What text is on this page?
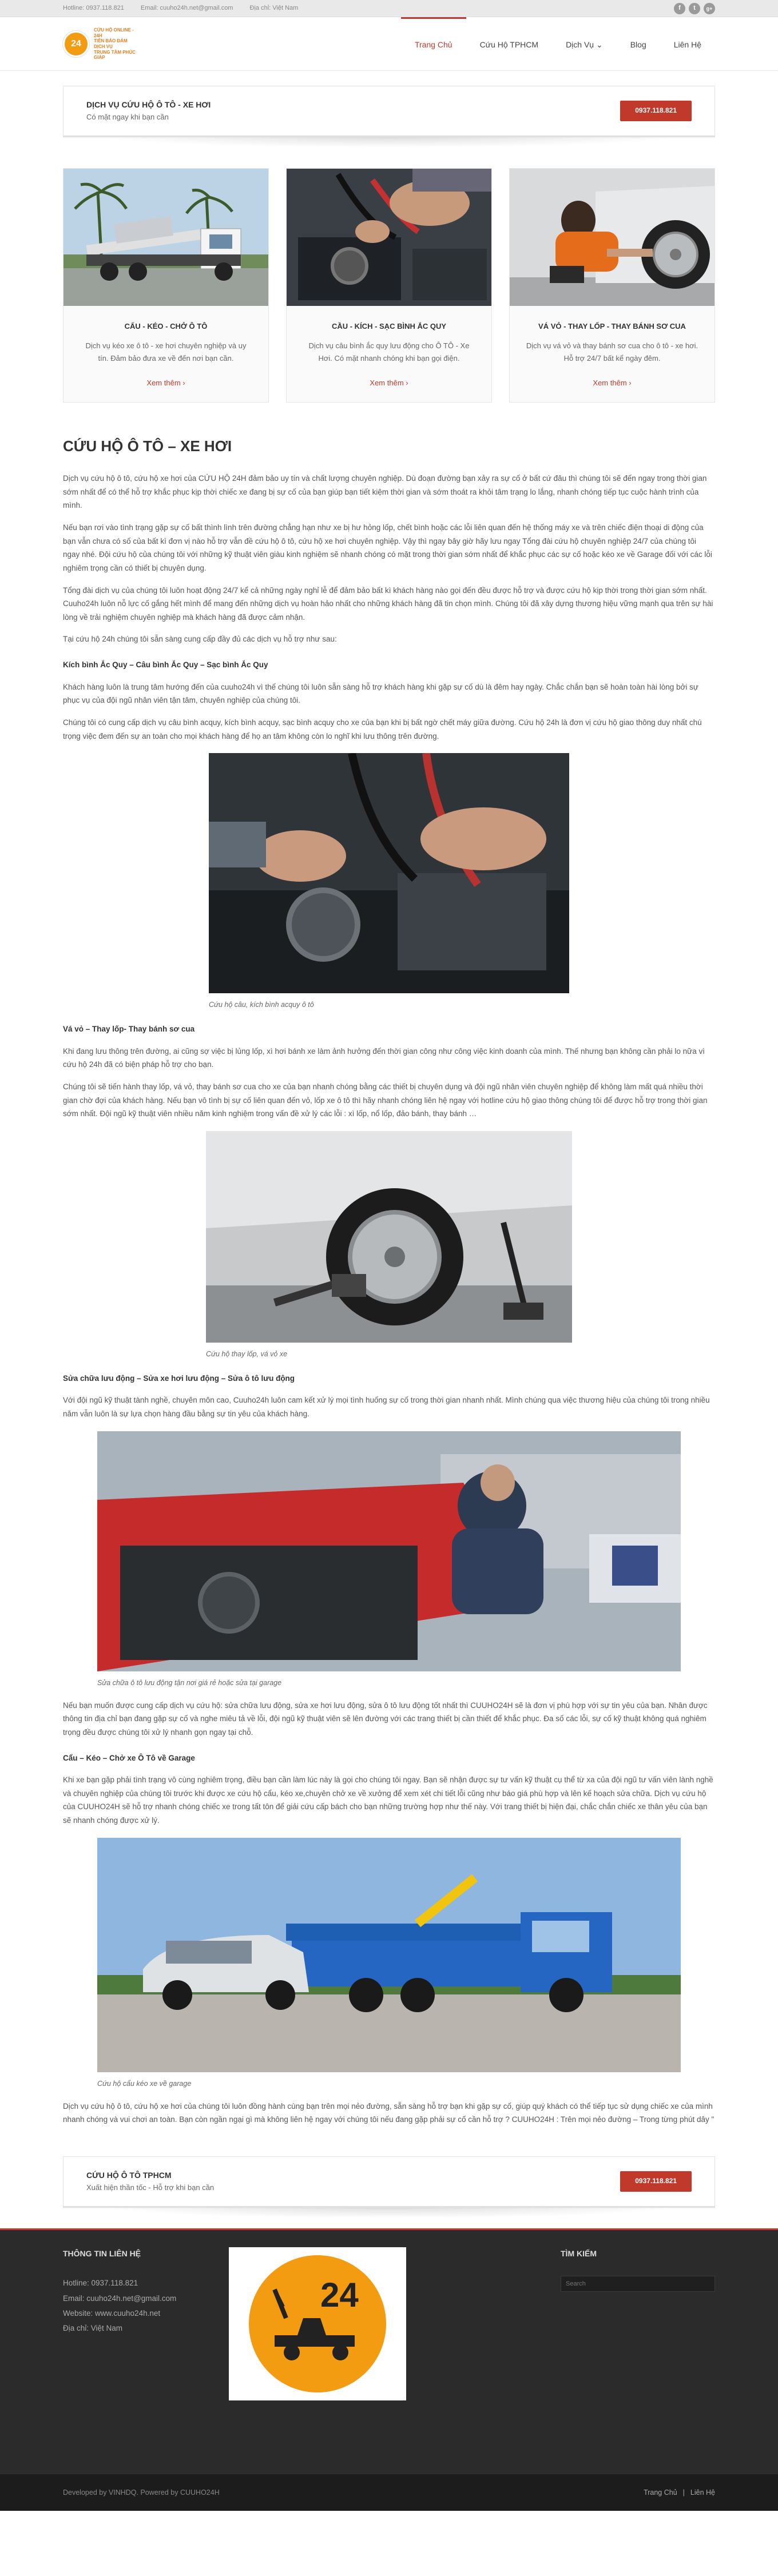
Hotline: 0937.118.821	Email: cuuho24h.net@gmail.com	Địa chỉ: Việt Nam	f	t	g+
24
CỨU HỘ ONLINE - 24H
TIÊN BẢO ĐẢM DỊCH VỤ
TRUNG TÂM PHÚC GIÁP
Trang Chủ	Cứu Hộ TPHCM	Dịch Vụ ⌄	Blog	Liên Hệ
DỊCH VỤ CỨU HỘ Ô TÔ - XE HƠI

Có mặt ngay khi bạn cần

0937.118.821
CẨU - KÉO - CHỞ Ô TÔ
Dịch vụ kéo xe ô tô - xe hơi chuyên nghiệp và uy tín. Đảm bảo đưa xe về đến nơi bạn cần.
Xem thêm ›
CẦU - KÍCH - SẠC BÌNH ẮC QUY
Dịch vụ câu bình ắc quy lưu động cho Ô TÔ - Xe Hơi. Có mặt nhanh chóng khi bạn gọi điện.
Xem thêm ›
VÁ VỎ - THAY LỐP - THAY BÁNH SƠ CUA
Dịch vụ vá vỏ và thay bánh sơ cua cho ô tô - xe hơi. Hỗ trợ 24/7 bất kể ngày đêm.
Xem thêm ›
CỨU HỘ Ô TÔ – XE HƠI

Dịch vụ cứu hộ ô tô, cứu hộ xe hơi của CỨU HỘ 24H đảm bảo uy tín và chất lượng chuyên nghiệp. Dù đoạn đường bạn xảy ra sự cố ở bất cứ đâu thì chúng tôi sẽ đến ngay trong thời gian sớm nhất để có thể hỗ trợ khắc phục kịp thời chiếc xe đang bị sự cố của bạn giúp bạn tiết kiệm thời gian và sớm thoát ra khỏi tâm trạng lo lắng, nhanh chóng tiếp tục cuộc hành trình của mình.

Nếu bạn rơi vào tình trạng gặp sự cố bất thình lình trên đường chẳng hạn như xe bị hư hỏng lốp, chết bình hoặc các lỗi liên quan đến hệ thống máy xe và trên chiếc điện thoại di động của bạn vẫn chưa có số của bất kì đơn vị nào hỗ trợ vẫn đề cứu hộ ô tô, cứu hộ xe hơi chuyên nghiệp. Vậy thì ngay bây giờ hãy lưu ngay Tổng đài cứu hộ chuyên nghiệp 24/7 của chúng tôi ngay nhé. Đội cứu hộ của chúng tôi với những kỹ thuật viên giàu kinh nghiệm sẽ nhanh chóng có mặt trong thời gian sớm nhất để khắc phục các sự cố hoặc kéo xe về Garage đối với các lỗi nghiêm trọng cần có thiết bị chuyên dụng.

Tổng đài dịch vụ của chúng tôi luôn hoạt động 24/7 kể cả những ngày nghỉ lễ để đảm bảo bất kì khách hàng nào gọi đến đều được hỗ trợ và được cứu hộ kịp thời trong thời gian sớm nhất. Cuuho24h luôn nỗ lực cố gắng hết mình để mang đến những dịch vụ hoàn hảo nhất cho những khách hàng đã tin chọn mình. Chúng tôi đã xây dựng thương hiệu vững mạnh qua trên sự hài lòng về trải nghiệm chuyên nghiệp mà khách hàng đã được cảm nhận.

Tại cứu hộ 24h chúng tôi sẵn sàng cung cấp đầy đủ các dịch vụ hỗ trợ như sau:

Kích bình Ắc Quy – Câu bình Ắc Quy – Sạc bình Ắc Quy

Khách hàng luôn là trung tâm hướng đến của cuuho24h vì thế chúng tôi luôn sẵn sàng hỗ trợ khách hàng khi gặp sự cố dù là đêm hay ngày. Chắc chắn bạn sẽ hoàn toàn hài lòng bởi sự phục vụ của đội ngũ nhân viên tận tâm, chuyên nghiệp của chúng tôi.

Chúng tôi có cung cấp dịch vụ câu bình acquy, kích bình acquy, sạc bình acquy cho xe của bạn khi bị bất ngờ chết máy giữa đường. Cứu hộ 24h là đơn vị cứu hộ giao thông duy nhất chú trọng việc đem đến sự an toàn cho mọi khách hàng để họ an tâm không còn lo nghĩ khi lưu thông trên đường.

Cứu hộ câu, kích bình acquy ô tô
Vá vỏ – Thay lốp- Thay bánh sơ cua

Khi đang lưu thông trên đường, ai cũng sợ việc bị lủng lốp, xì hơi bánh xe làm ảnh hưởng đến thời gian công như công việc kinh doanh của mình. Thế nhưng bạn không cần phải lo nữa vì cứu hộ 24h đã có biện pháp hỗ trợ cho bạn.

Chúng tôi sẽ tiến hành thay lốp, vá vỏ, thay bánh sơ cua cho xe của bạn nhanh chóng bằng các thiết bị chuyên dụng và đội ngũ nhân viên chuyên nghiệp để không làm mất quá nhiều thời gian chờ đợi của khách hàng. Nếu bạn vô tình bị sự cố liên quan đến vỏ, lốp xe ô tô thì hãy nhanh chóng liên hệ ngay với hotline cứu hộ giao thông chúng tôi để được hỗ trợ trong thời gian sớm nhất. Đội ngũ kỹ thuật viên nhiều năm kinh nghiệm trong vấn đề xử lý các lỗi : xì lốp, nổ lốp, đảo bánh, thay bánh …

Cứu hộ thay lốp, vá vỏ xe
Sửa chữa lưu động – Sửa xe hơi lưu động – Sửa ô tô lưu động

Với đội ngũ kỹ thuật tành nghề, chuyên môn cao, Cuuho24h luôn cam kết xử lý mọi tình huống sự cố trong thời gian nhanh nhất. Mình chúng qua việc thương hiệu của chúng tôi trong nhiều năm vẫn luôn là sự lựa chọn hàng đầu bằng sự tin yêu của khách hàng.

Sửa chữa ô tô lưu động tận nơi giá rẻ hoặc sửa tại garage

Nếu bạn muốn được cung cấp dịch vụ cứu hộ: sửa chữa lưu động, sửa xe hơi lưu động, sửa ô tô lưu động tốt nhất thì CUUHO24H sẽ là đơn vị phù hợp với sự tin yêu của bạn. Nhân được thông tin địa chỉ bạn đang gặp sự cố và nghe miêu tả về lỗi, đội ngũ kỹ thuật viên sẽ lên đường với các trang thiết bị cần thiết để khắc phục. Đa số các lỗi, sự cố kỹ thuật không quá nghiêm trọng đều được chúng tôi xử lý nhanh gọn ngay tại chỗ.

Cẩu – Kéo – Chở xe Ô Tô về Garage

Khi xe bạn gặp phải tình trạng vô cùng nghiêm trọng, điều bạn cần làm lúc này là gọi cho chúng tôi ngay. Bạn sẽ nhận được sự tư vấn kỹ thuật cụ thể từ xa của đội ngũ tư vấn viên lành nghề và chuyên nghiệp của chúng tôi trước khi được xe cứu hộ cẩu, kéo xe,chuyên chở xe về xưởng để xem xét chi tiết lỗi cũng như báo giá phù hợp và lên kế hoạch sửa chữa. Dịch vụ cứu hộ của CUUHO24H sẽ hỗ trợ nhanh chóng chiếc xe trong tất tôn để giải cứu cấp bách cho bạn những trường hợp như thế này. Với trang thiết bị hiện đại, chắc chắn chiếc xe thân yêu của bạn sẽ nhanh chóng được xử lý.

Cứu hộ cẩu kéo xe về garage

Dịch vụ cứu hộ ô tô, cứu hộ xe hơi của chúng tôi luôn đồng hành cùng bạn trên mọi nẻo đường, sẵn sàng hỗ trợ bạn khi gặp sự cố, giúp quý khách có thể tiếp tục sử dụng chiếc xe của mình nhanh chóng và vui chơi an toàn. Bạn còn ngần ngại gì mà không liên hệ ngay với chúng tôi nếu đang gặp phải sự cố cần hỗ trợ ? CUUHO24H : Trên mọi nẻo đường – Trong từng phút dây "

CỨU HỘ Ô TÔ TPHCM

Xuất hiện thần tốc - Hỗ trợ khi bạn cần

0937.118.821
THÔNG TIN LIÊN HỆ

Hotline: 0937.118.821

Email: cuuho24h.net@gmail.com

Website: www.cuuho24h.net

Địa chỉ: Việt Nam

24
TÌM KIẾM
Search
Developed by VINHDQ. Powered by CUUHO24H	Trang Chủ | Liên Hệ
